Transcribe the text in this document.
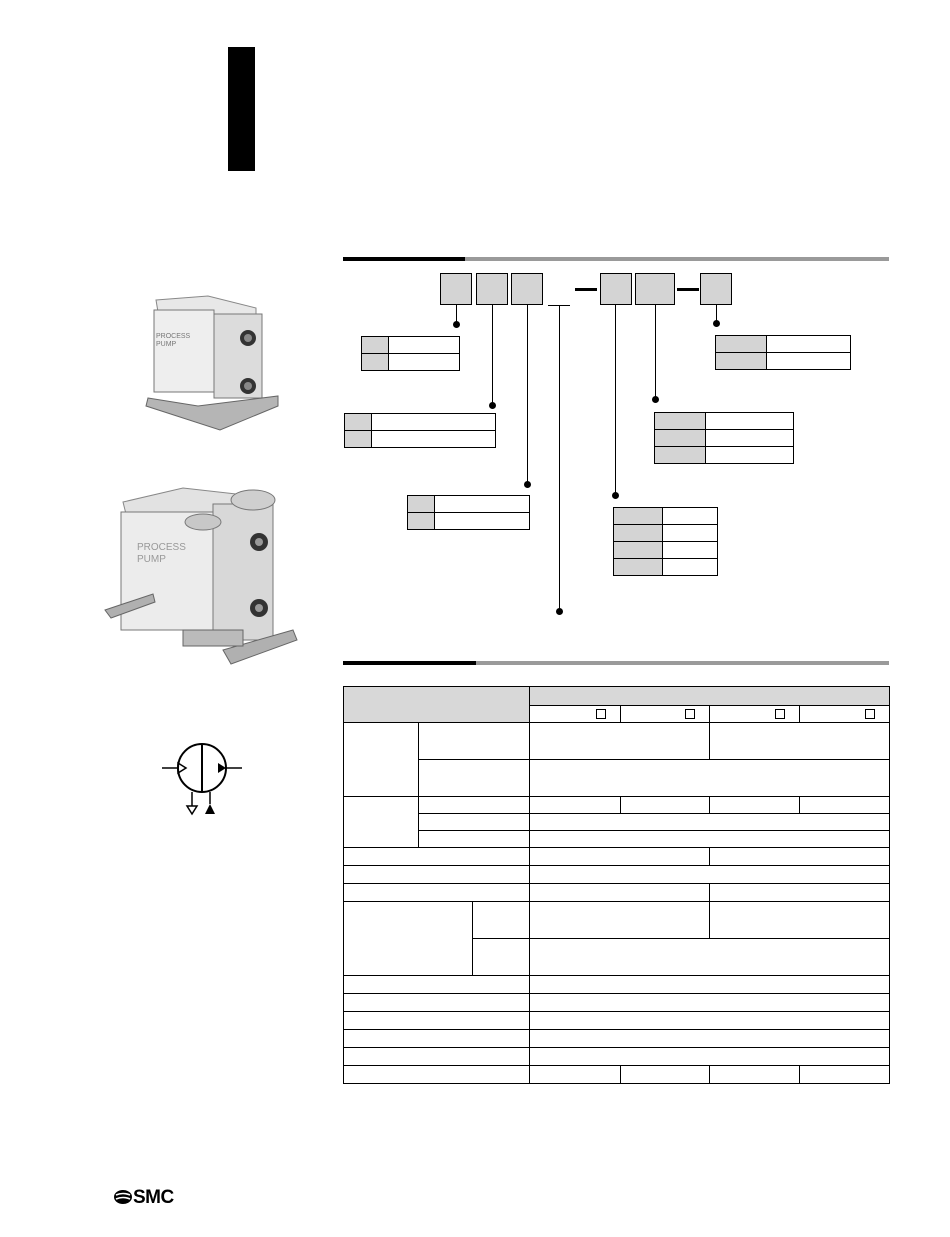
PROCESS
PUMP
PROCESS
PUMP

SMC
